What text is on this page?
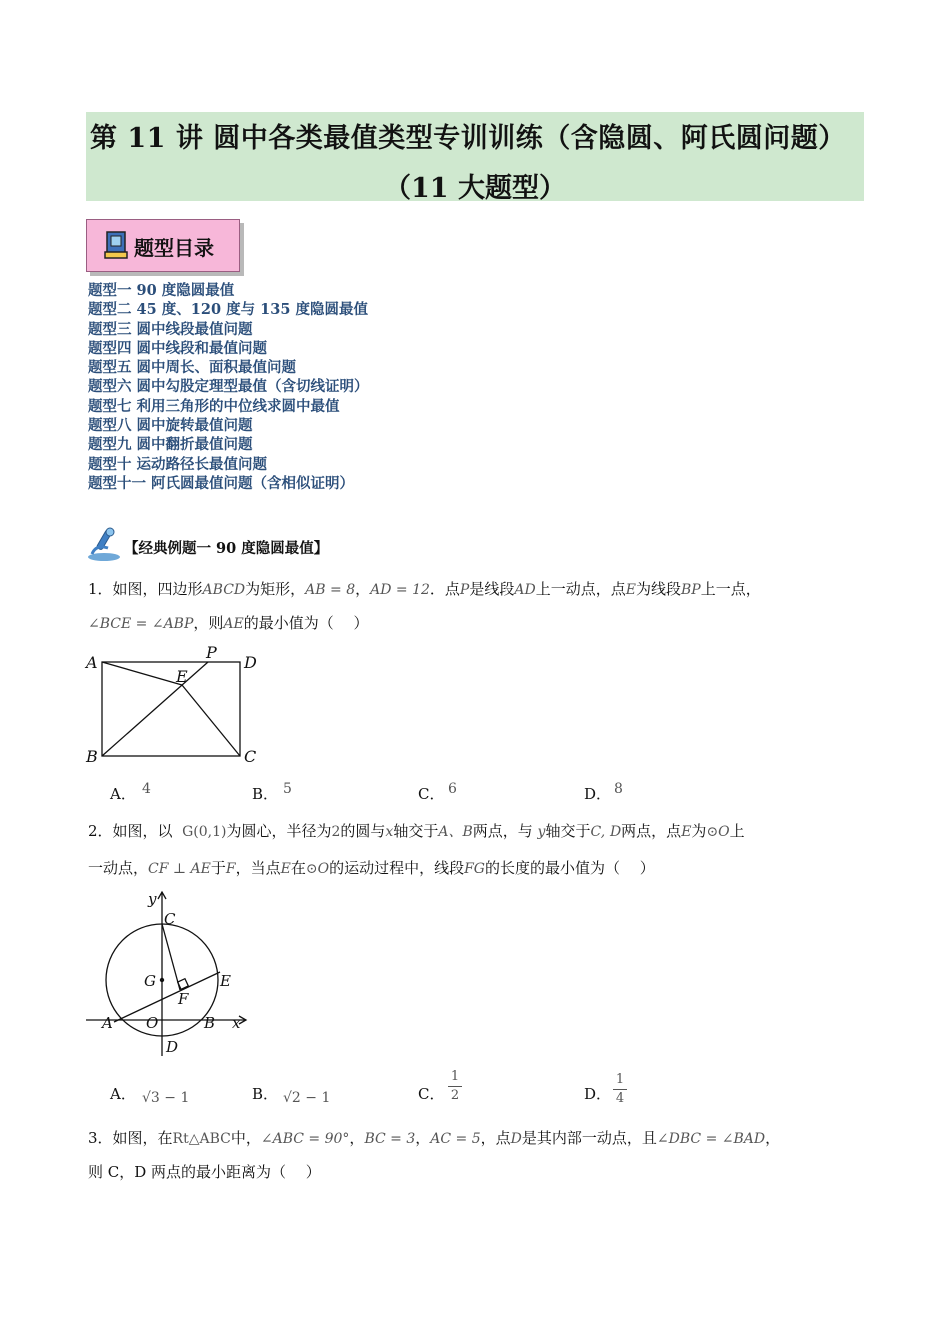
第 11 讲 圆中各类最值类型专训训练（含隐圆、阿氏圆问题）
（11 大题型）
题型目录
题型一 90 度隐圆最值
题型二 45 度、120 度与 135 度隐圆最值
题型三 圆中线段最值问题
题型四 圆中线段和最值问题
题型五 圆中周长、面积最值问题
题型六 圆中勾股定理型最值（含切线证明）
题型七 利用三角形的中位线求圆中最值
题型八 圆中旋转最值问题
题型九 圆中翻折最值问题
题型十 运动路径长最值问题
题型十一 阿氏圆最值问题（含相似证明）
【经典例题一 90 度隐圆最值】
1．如图，四边形ABCD为矩形，AB = 8，AD = 12．点P是线段AD上一动点，点E为线段BP上一点，
∠BCE = ∠ABP，则AE的最小值为（　 ）
A
P
D
E
B	C
A． 4	B． 5	C． 6	D． 8
2．如图，以 G(0,1)为圆心，半径为2的圆与x轴交于A、B两点，与 y轴交于C, D两点，点E为⊙O上
一动点，CF ⊥ AE于F，当点E在⊙O的运动过程中，线段FG的长度的最小值为（　 ）
y
C
G	E
F
A O	B x
D
A． √3 − 1	B． √2 − 1	C．
1
2	D．
1
4
3．如图，在Rt△ABC中，∠ABC = 90°，BC = 3，AC = 5，点D是其内部一动点，且∠DBC = ∠BAD，
则 C，D 两点的最小距离为（　 ）
